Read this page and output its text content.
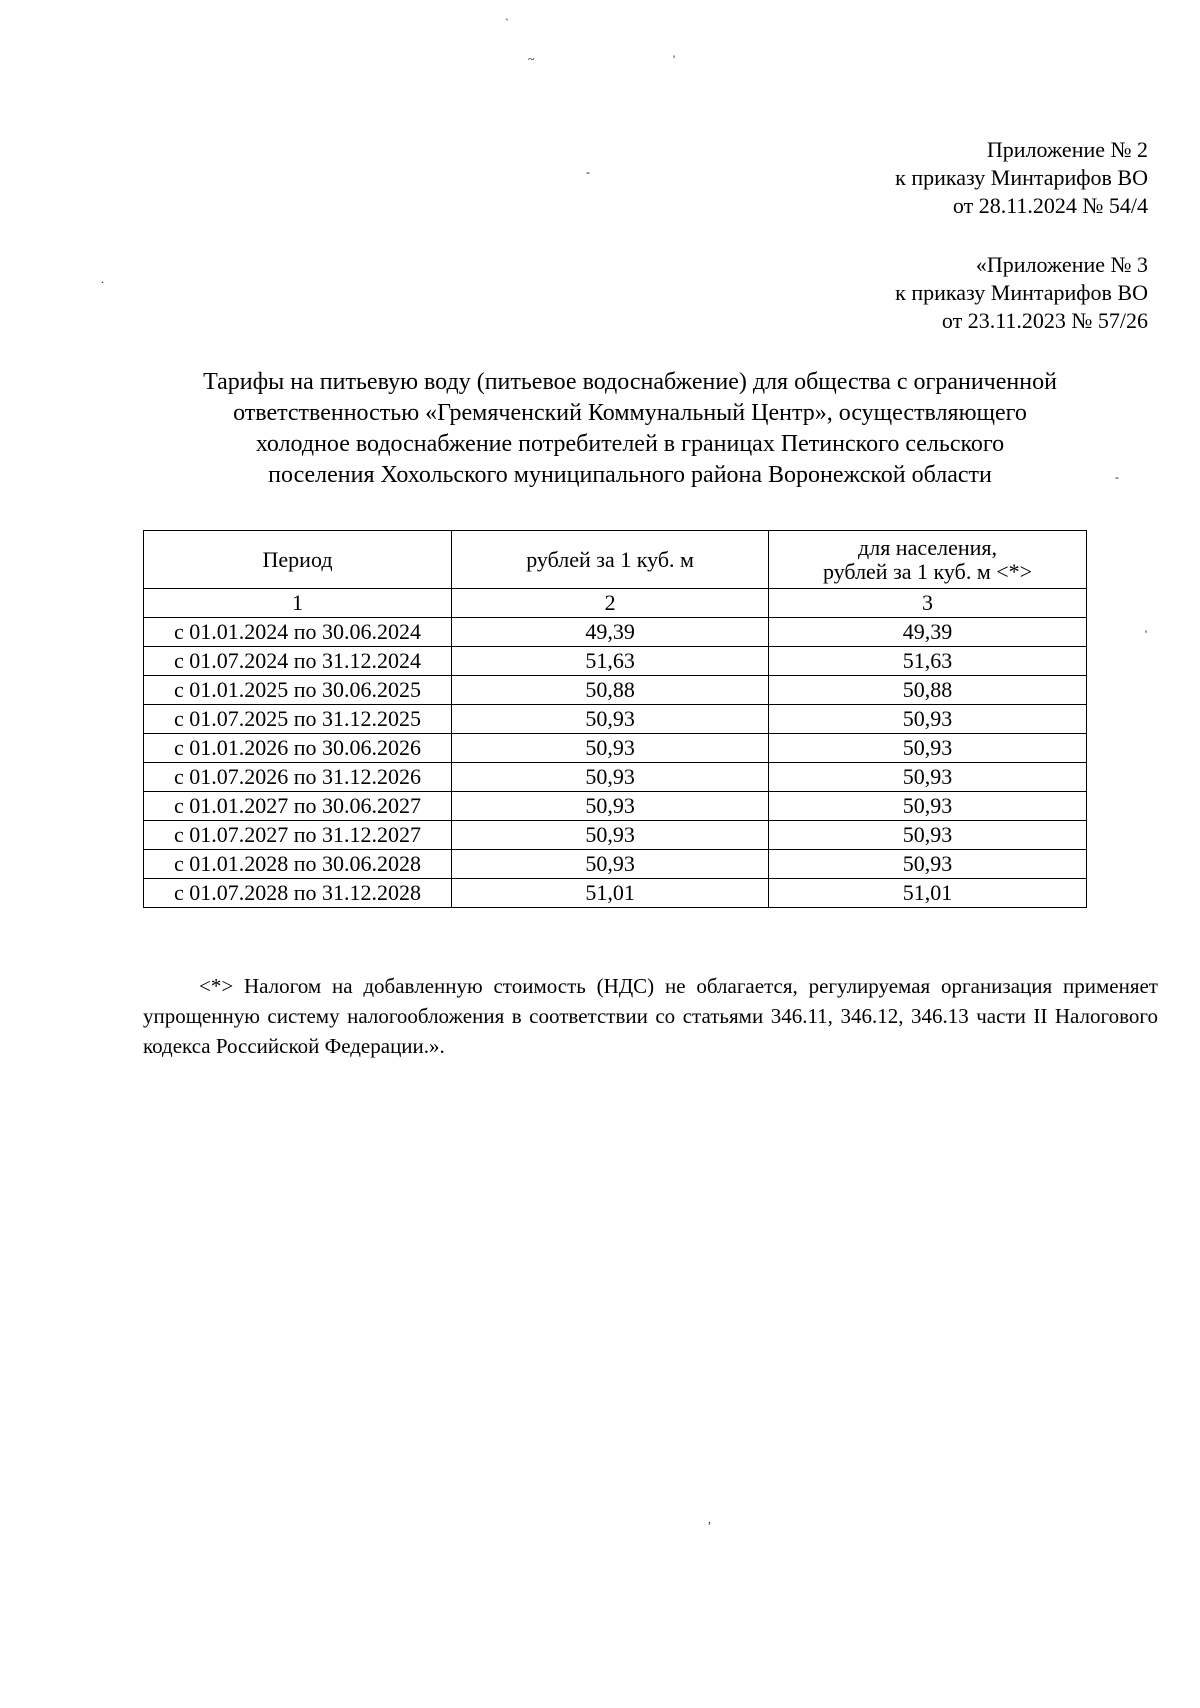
`
~	'
-
.
-
'
,
Приложение № 2
к приказу Минтарифов ВО
от 28.11.2024 № 54/4
«Приложение № 3
к приказу Минтарифов ВО
от 23.11.2023 № 57/26
Тарифы на питьевую воду (питьевое водоснабжение) для общества с ограниченной
ответственностью «Гремяченский Коммунальный Центр», осуществляющего
холодное водоснабжение потребителей в границах Петинского сельского
поселения Хохольского муниципального района Воронежской области
Период	рублей за 1 куб. м	для населения,
рублей за 1 куб. м <*>

1	2	3
с 01.01.2024 по 30.06.2024	49,39	49,39
с 01.07.2024 по 31.12.2024	51,63	51,63
с 01.01.2025 по 30.06.2025	50,88	50,88
с 01.07.2025 по 31.12.2025	50,93	50,93
с 01.01.2026 по 30.06.2026	50,93	50,93
с 01.07.2026 по 31.12.2026	50,93	50,93
с 01.01.2027 по 30.06.2027	50,93	50,93
с 01.07.2027 по 31.12.2027	50,93	50,93
с 01.01.2028 по 30.06.2028	50,93	50,93
с 01.07.2028 по 31.12.2028	51,01	51,01

<*> Налогом на добавленную стоимость (НДС) не облагается, регулируемая организация применяет упрощенную систему налогообложения в соответствии со статьями 346.11, 346.12, 346.13 части II Налогового кодекса Российской Федерации.».
